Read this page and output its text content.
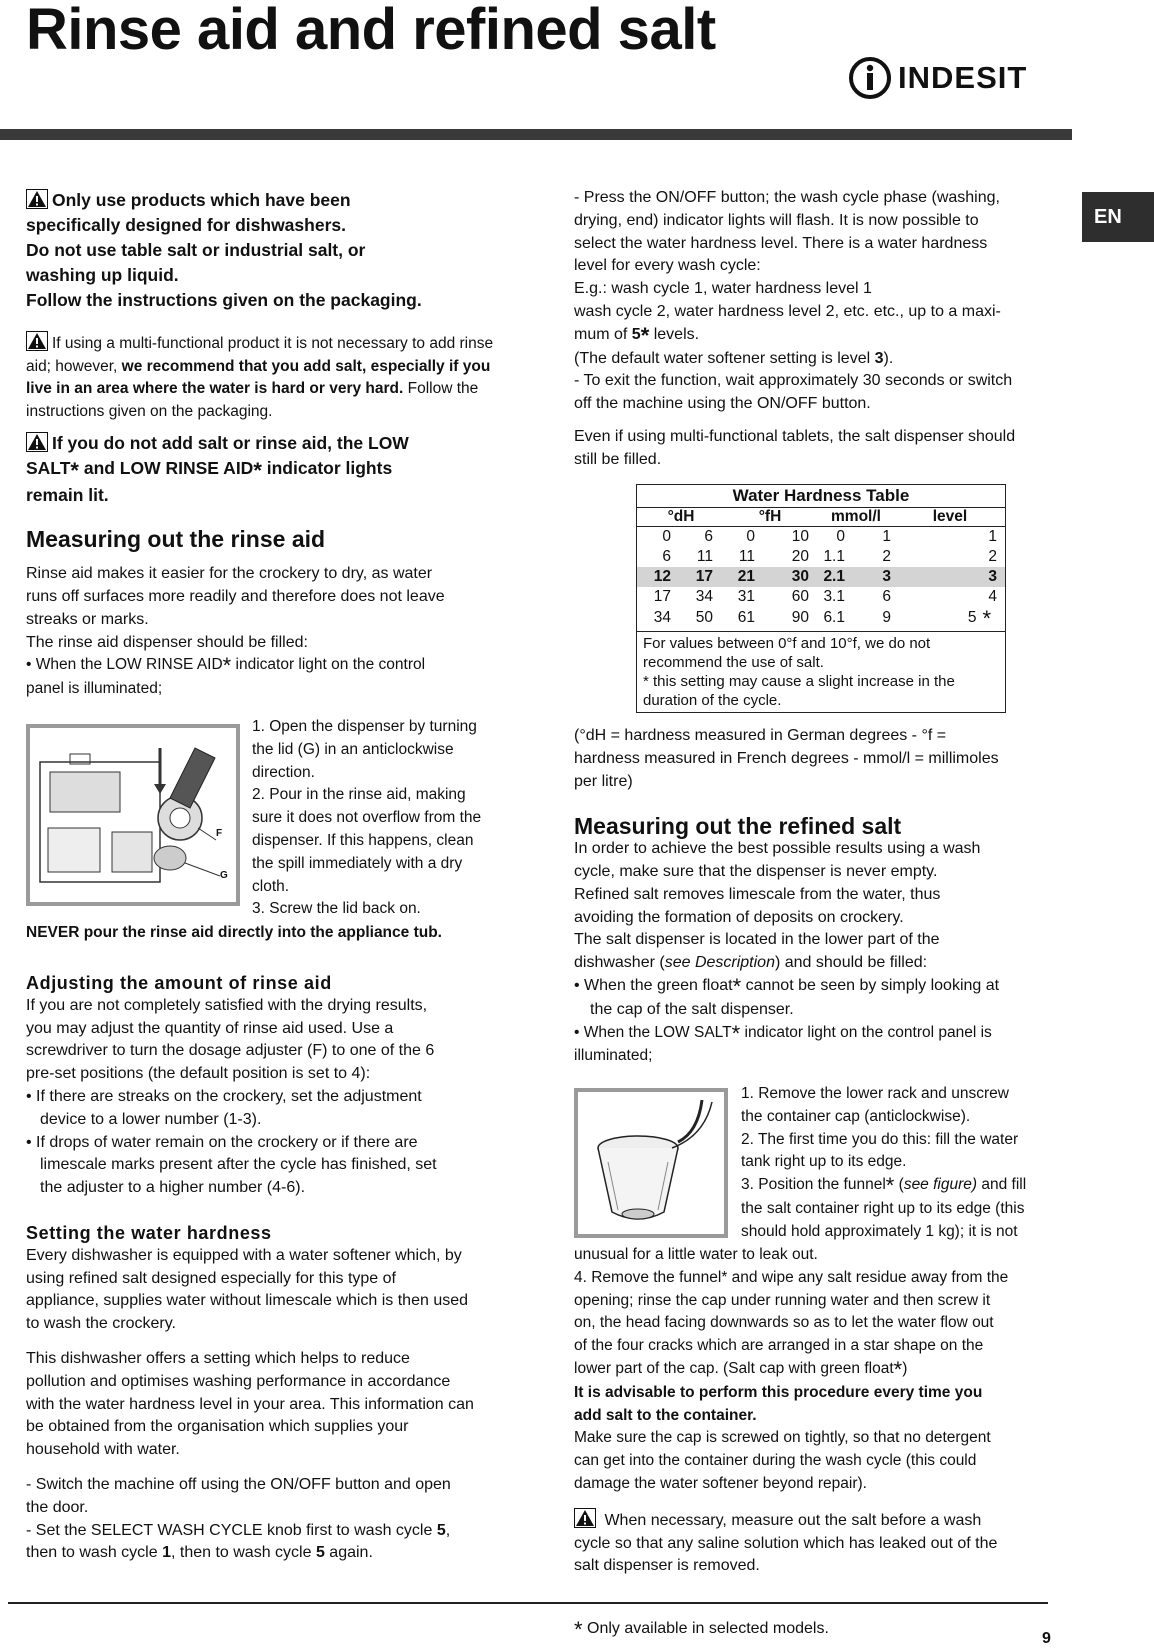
Rinse aid and refined salt
INDESIT
EN
Only use products which have been
specifically designed for dishwashers.
Do not use table salt or industrial salt, or
washing up liquid.
Follow the instructions given on the packaging.
If using a multi-functional product it is not necessary to add rinse aid; however, we recommend that you add salt, especially if you live in an area where the water is hard or very hard. Follow the instructions given on the packaging.
If you do not add salt or rinse aid, the LOW
SALT* and LOW RINSE AID* indicator lights
remain lit.
Measuring out the rinse aid
Rinse aid makes it easier for the crockery to dry, as water
runs off surfaces more readily and therefore does not leave
streaks or marks.
The rinse aid dispenser should be filled:
• When the LOW RINSE AID* indicator light on the control
panel is illuminated;
F
G
1. Open the dispenser by turning
the lid (G) in an anticlockwise
direction.
2. Pour in the rinse aid, making
sure it does not overflow from the
dispenser. If this happens, clean
the spill immediately with a dry
cloth.
3. Screw the lid back on.
NEVER pour the rinse aid directly into the appliance tub.
Adjusting the amount of rinse aid
If you are not completely satisfied with the drying results,
you may adjust the quantity of rinse aid used. Use a
screwdriver to turn the dosage adjuster (F) to one of the 6
pre-set positions (the default position is set to 4):
• If there are streaks on the crockery, set the adjustment
device to a lower number (1-3).
• If drops of water remain on the crockery or if there are
limescale marks present after the cycle has finished, set
the adjuster to a higher number (4-6).
Setting the water hardness
Every dishwasher is equipped with a water softener which, by
using refined salt designed especially for this type of
appliance, supplies water without limescale which is then used
to wash the crockery.
This dishwasher offers a setting which helps to reduce
pollution and optimises washing performance in accordance
with the water hardness level in your area. This information can
be obtained from the organisation which supplies your
household with water.
- Switch the machine off using the ON/OFF button and open
the door.
- Set the SELECT WASH CYCLE knob first to wash cycle 5,
then to wash cycle 1, then to wash cycle 5 again.
- Press the ON/OFF button; the wash cycle phase (washing,
drying, end) indicator lights will flash. It is now possible to
select the water hardness level. There is a water hardness
level for every wash cycle:
E.g.: wash cycle 1, water hardness level 1
wash cycle 2, water hardness level 2, etc. etc., up to a maxi-
mum of 5* levels.
(The default water softener setting is level 3).
- To exit the function, wait approximately 30 seconds or switch
off the machine using the ON/OFF button.
Even if using multi-functional tablets, the salt dispenser should
still be filled.
Water Hardness Table
°dH	°fH	mmol/l	level
0	6	0	10	0	1	1
6	11	11	20 1.1	2	2
12	17	21	30 2.1	3	3
17	34	31	60 3.1	6	4
34	50	61	90 6.1	9	5 *
For values between 0°f and 10°f, we do not
recommend the use of salt.
* this setting may cause a slight increase in the
duration of the cycle.
(°dH = hardness measured in German degrees - °f =
hardness measured in French degrees - mmol/l = millimoles
per litre)
Measuring out the refined salt
In order to achieve the best possible results using a wash
cycle, make sure that the dispenser is never empty.
Refined salt removes limescale from the water, thus
avoiding the formation of deposits on crockery.
The salt dispenser is located in the lower part of the
dishwasher (see Description) and should be filled:
• When the green float* cannot be seen by simply looking at
the cap of the salt dispenser.
• When the LOW SALT* indicator light on the control panel is
illuminated;
1. Remove the lower rack and unscrew
the container cap (anticlockwise).
2. The first time you do this: fill the water
tank right up to its edge.
3. Position the funnel* (see figure) and fill
the salt container right up to its edge (this
should hold approximately 1 kg); it is not
unusual for a little water to leak out.
4. Remove the funnel* and wipe any salt residue away from the
opening; rinse the cap under running water and then screw it
on, the head facing downwards so as to let the water flow out
of the four cracks which are arranged in a star shape on the
lower part of the cap. (Salt cap with green float*)
It is advisable to perform this procedure every time you
add salt to the container.
Make sure the cap is screwed on tightly, so that no detergent
can get into the container during the wash cycle (this could
damage the water softener beyond repair).
When necessary, measure out the salt before a wash
cycle so that any saline solution which has leaked out of the
salt dispenser is removed.
* Only available in selected models.
9
